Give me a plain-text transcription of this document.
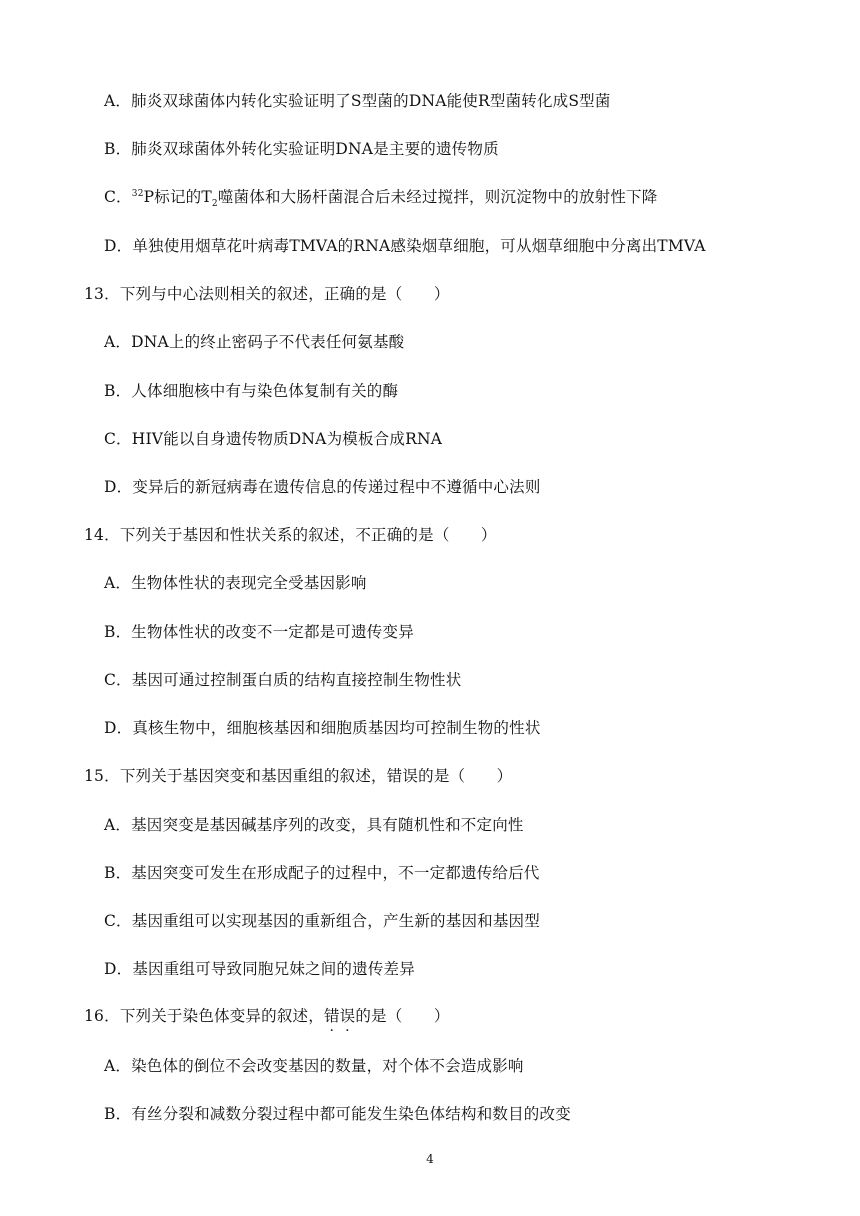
A．肺炎双球菌体内转化实验证明了S型菌的DNA能使R型菌转化成S型菌
B．肺炎双球菌体外转化实验证明DNA是主要的遗传物质
C．$^{32}$P标记的$T_2$噬菌体和大肠杆菌混合后未经过搅拌，则沉淀物中的放射性下降
D．单独使用烟草花叶病毒TMVA的RNA感染烟草细胞，可从烟草细胞中分离出TMVA
13．下列与中心法则相关的叙述，正确的是（　　）
A．DNA上的终止密码子不代表任何氨基酸
B．人体细胞核中有与染色体复制有关的酶
C．HIV能以自身遗传物质DNA为模板合成RNA
D．变异后的新冠病毒在遗传信息的传递过程中不遵循中心法则
14．下列关于基因和性状关系的叙述，不正确的是（　　）
A．生物体性状的表现完全受基因影响
B．生物体性状的改变不一定都是可遗传变异
C．基因可通过控制蛋白质的结构直接控制生物性状
D．真核生物中，细胞核基因和细胞质基因均可控制生物的性状
15．下列关于基因突变和基因重组的叙述，错误的是（　　）
A．基因突变是基因碱基序列的改变，具有随机性和不定向性
B．基因突变可发生在形成配子的过程中，不一定都遗传给后代
C．基因重组可以实现基因的重新组合，产生新的基因和基因型
D．基因重组可导致同胞兄妹之间的遗传差异
16．下列关于染色体变异的叙述，错误的是（　　）
A．染色体的倒位不会改变基因的数量，对个体不会造成影响
B．有丝分裂和减数分裂过程中都可能发生染色体结构和数目的改变
4
